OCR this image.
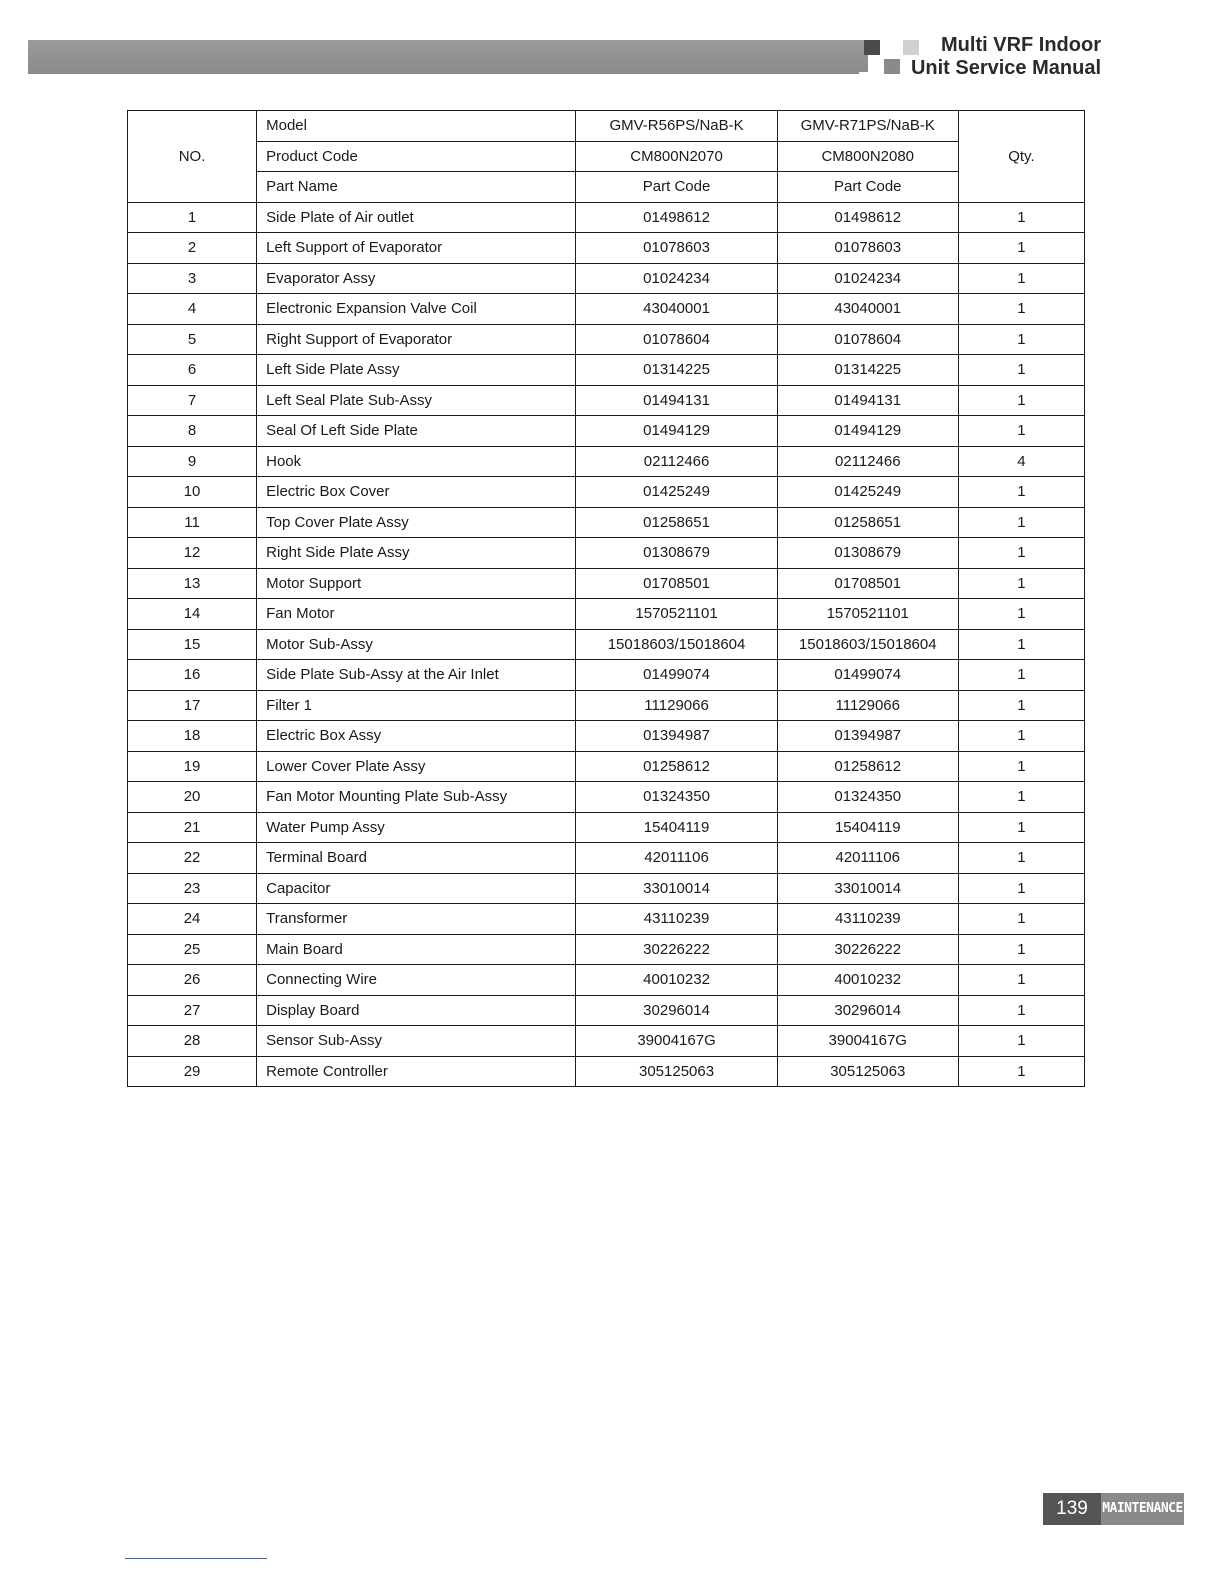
Multi VRF Indoor
Unit Service Manual
NO.	Model	GMV-R56PS/NaB-K	GMV-R71PS/NaB-K	Qty.
	Product Code	CM800N2070	CM800N2080	
	Part Name	Part Code	Part Code	
1	Side Plate of Air outlet	01498612	01498612	1
2	Left Support of Evaporator	01078603	01078603	1
3	Evaporator Assy	01024234	01024234	1
4	Electronic Expansion Valve Coil	43040001	43040001	1
5	Right Support of Evaporator	01078604	01078604	1
6	Left Side Plate Assy	01314225	01314225	1
7	Left Seal Plate Sub-Assy	01494131	01494131	1
8	Seal Of Left Side Plate	01494129	01494129	1
9	Hook	02112466	02112466	4
10	Electric Box Cover	01425249	01425249	1
11	Top Cover Plate Assy	01258651	01258651	1
12	Right Side Plate Assy	01308679	01308679	1
13	Motor Support	01708501	01708501	1
14	Fan Motor	1570521101	1570521101	1
15	Motor Sub-Assy	15018603/15018604	15018603/15018604	1
16	Side Plate Sub-Assy at the Air Inlet	01499074	01499074	1
17	Filter 1	11129066	11129066	1
18	Electric Box Assy	01394987	01394987	1
19	Lower Cover Plate Assy	01258612	01258612	1
20	Fan Motor Mounting Plate Sub-Assy	01324350	01324350	1
21	Water Pump Assy	15404119	15404119	1
22	Terminal Board	42011106	42011106	1
23	Capacitor	33010014	33010014	1
24	Transformer	43110239	43110239	1
25	Main Board	30226222	30226222	1
26	Connecting Wire	40010232	40010232	1
27	Display Board	30296014	30296014	1
28	Sensor Sub-Assy	39004167G	39004167G	1
29	Remote Controller	305125063	305125063	1
139	MAINTENANCE
